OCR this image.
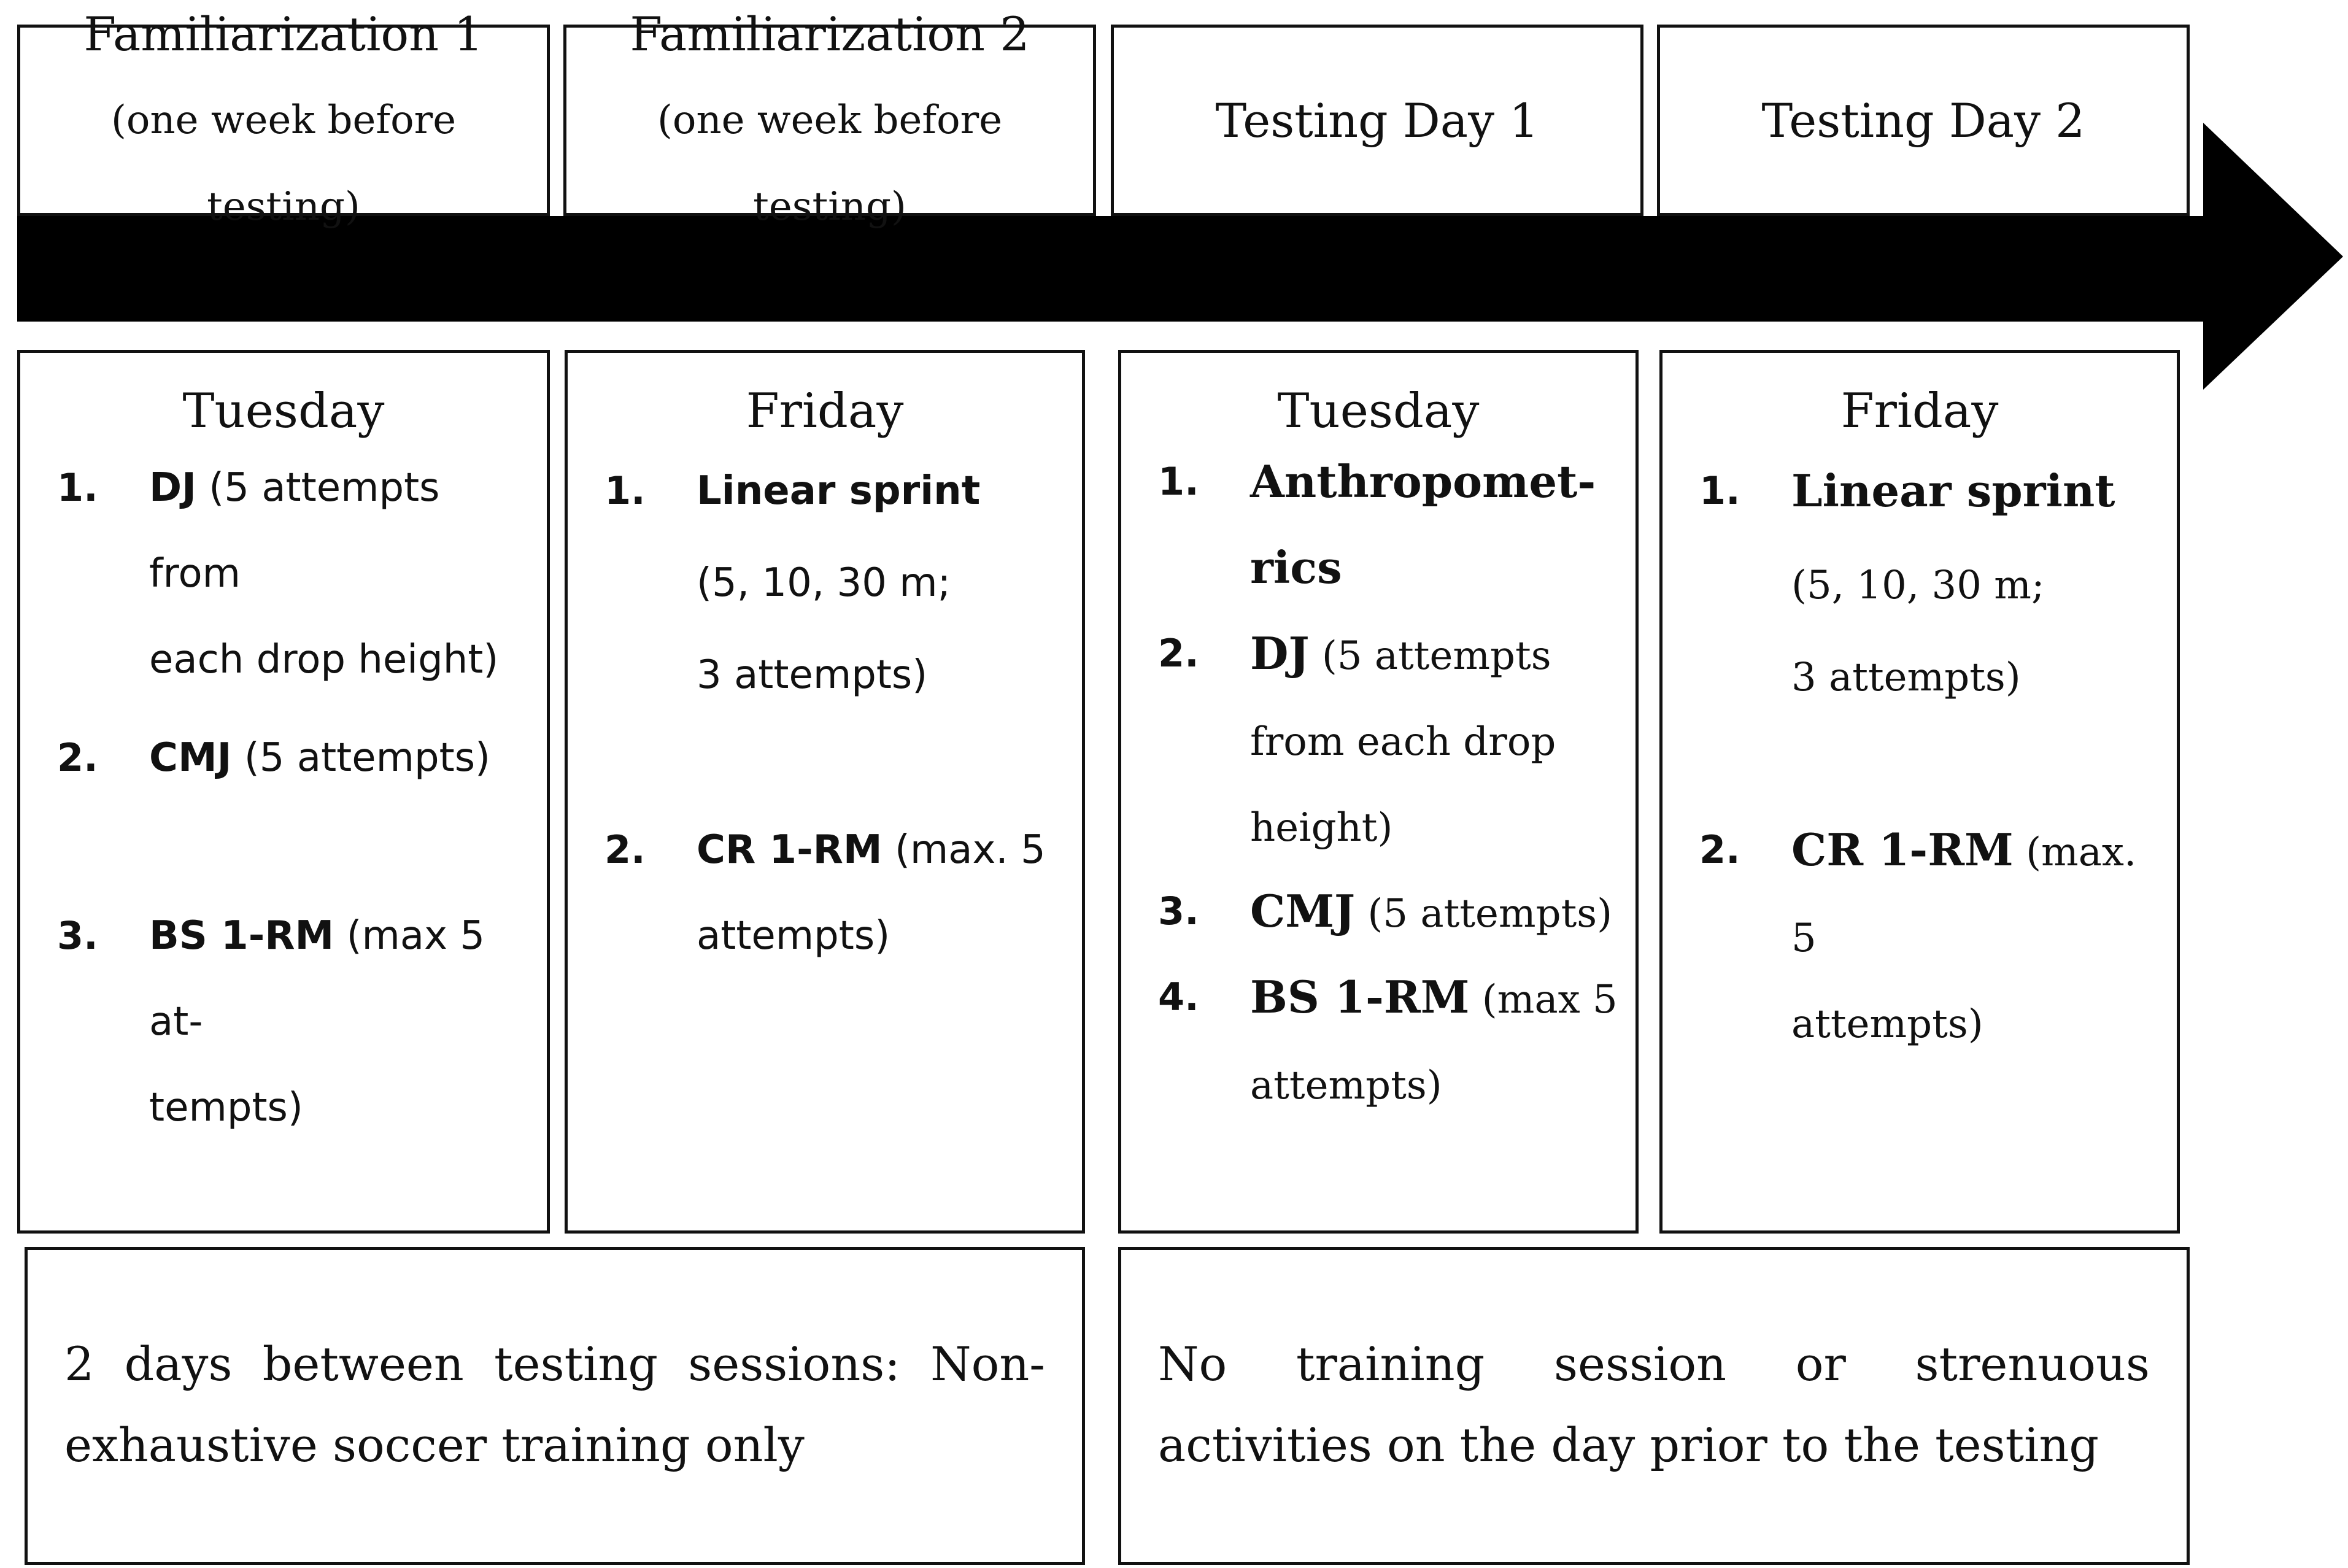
Familiarization 1 (one week before testing)
Familiarization 2 (one week before testing)
Testing Day 1	Testing Day 2
Tuesday
1. DJ (5 attempts from
each drop height)
2. CMJ (5 attempts)
3. BS 1-RM (max 5 at-
tempts)
Friday
1. Linear sprint
(5, 10, 30 m;
3 attempts)
2. CR 1-RM (max. 5
attempts)
Tuesday
1. Anthropomet-
rics
2. DJ (5 attempts
from each drop
height)
3. CMJ (5 attempts)
4. BS 1-RM (max 5
attempts)
Friday
1. Linear sprint
(5, 10, 30 m;
3 attempts)
2. CR 1-RM (max. 5
attempts)
2 days between testing sessions: Non-exhaustive soccer training only
No training session or strenuous activities on the day prior to the testing
